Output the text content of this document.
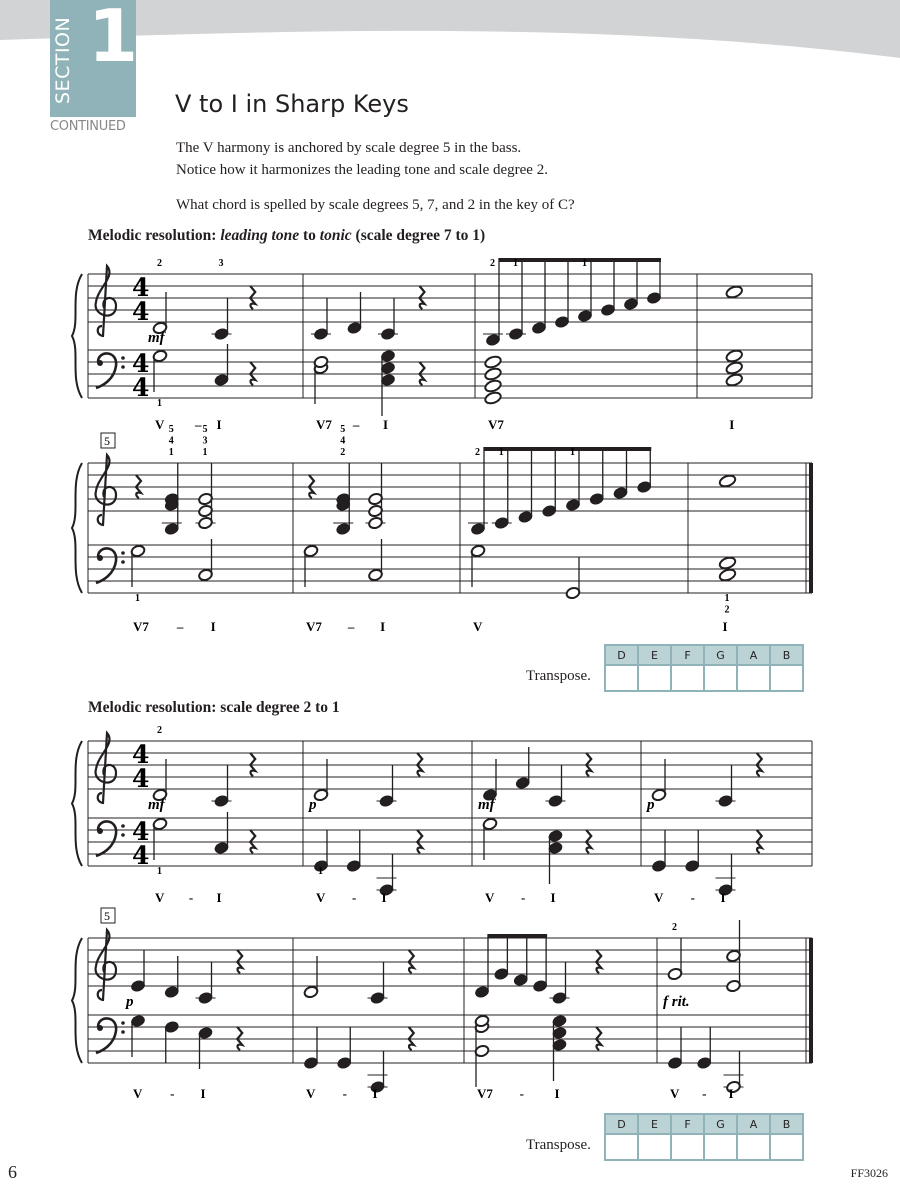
SECTION 1
CONTINUED
V to I in Sharp Keys
The V harmony is anchored by scale degree 5 in the bass.
Notice how it harmonizes the leading tone and scale degree 2.
What chord is spelled by scale degrees 5, 7, and 2 in the key of C?
Melodic resolution: leading tone to tonic (scale degree 7 to 1)
Melodic resolution: scale degree 2 to 1
Transpose.
D	E	F	G	A	B

Transpose.
D	E	F	G	A	B

6	FF3026
4
4
4
4
2	3
1
mf
V – I	V7 – I
2 1	1
V7	I
5
5
4
1
5
3
1
1
V7 – I
5
4
2
V7 – I
2 1	1
V
1
2
I
4
4
4
4
2
1
mf
V - I
1
p
V - I
mf
V - I
p
V - I
5
p
V - I	V - I	V7 - I
2
f rit.
V - I
